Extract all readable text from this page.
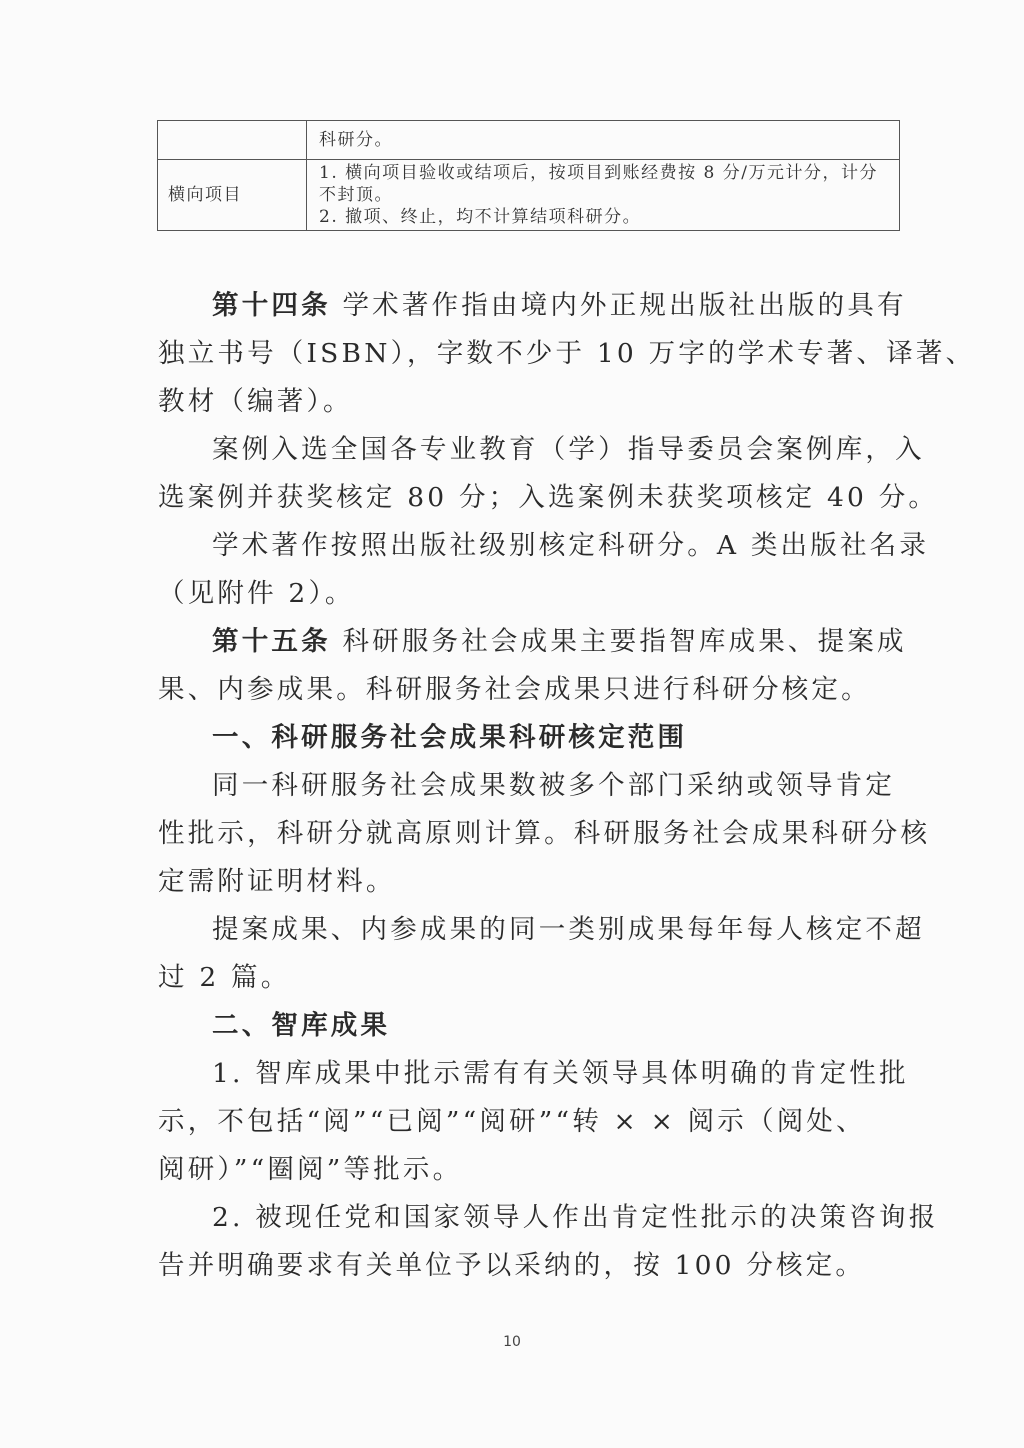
	科研分。

横向项目	1. 横向项目验收或结项后，按项目到账经费按 8 分/万元计分，计分不封顶。
2. 撤项、终止，均不计算结项科研分。

第十四条 学术著作指由境内外正规出版社出版的具有

独立书号（ISBN），字数不少于 10 万字的学术专著、译著、

教材（编著）。

案例入选全国各专业教育（学）指导委员会案例库，入

选案例并获奖核定 80 分；入选案例未获奖项核定 40 分。

学术著作按照出版社级别核定科研分。A 类出版社名录

（见附件 2）。

第十五条 科研服务社会成果主要指智库成果、提案成

果、内参成果。科研服务社会成果只进行科研分核定。

一、科研服务社会成果科研核定范围

同一科研服务社会成果数被多个部门采纳或领导肯定

性批示，科研分就高原则计算。科研服务社会成果科研分核

定需附证明材料。

提案成果、内参成果的同一类别成果每年每人核定不超

过 2 篇。

二、智库成果

1. 智库成果中批示需有有关领导具体明确的肯定性批

示，不包括“阅”“已阅”“阅研”“转 × × 阅示（阅处、

阅研）”“圈阅”等批示。

2. 被现任党和国家领导人作出肯定性批示的决策咨询报

告并明确要求有关单位予以采纳的，按 100 分核定。

10
